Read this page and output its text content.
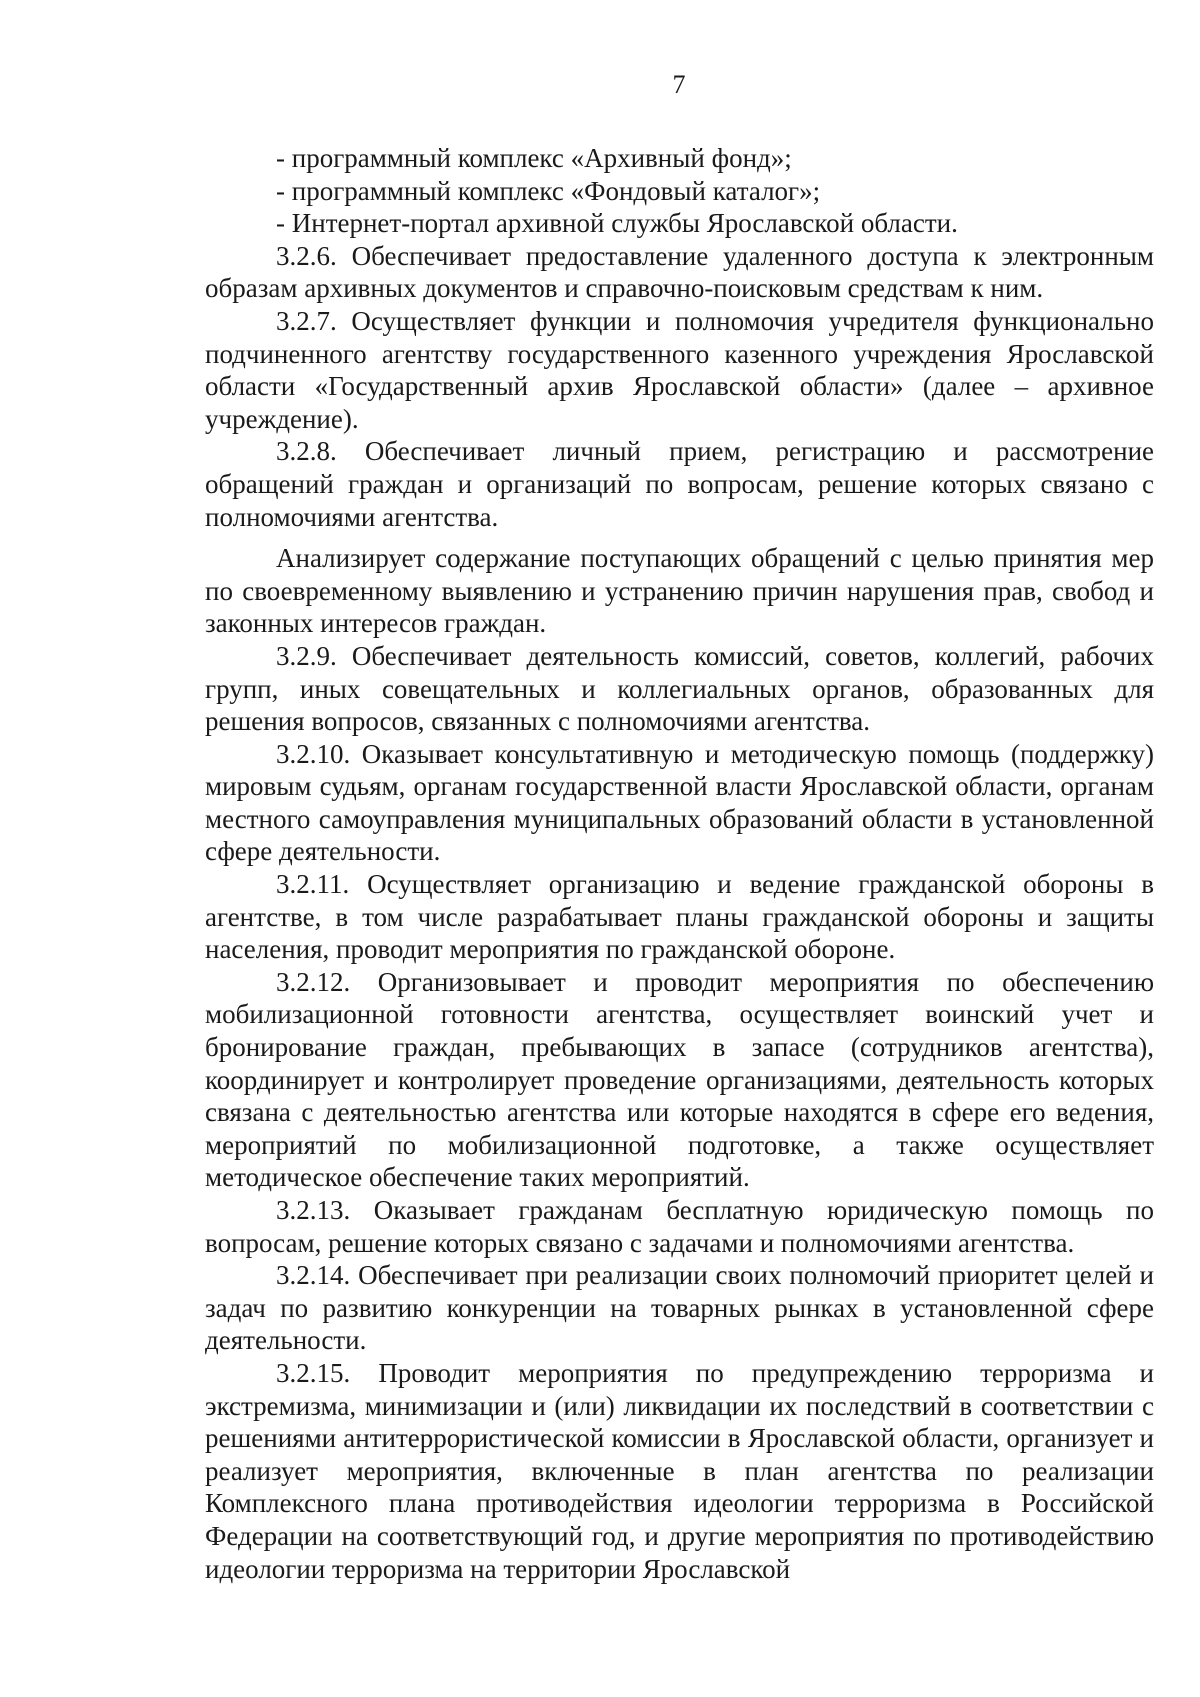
7

- программный комплекс «Архивный фонд»;

- программный комплекс «Фондовый каталог»;

- Интернет-портал архивной службы Ярославской области.

3.2.6. Обеспечивает предоставление удаленного доступа к электронным образам архивных документов и справочно-поисковым средствам к ним.

3.2.7. Осуществляет функции и полномочия учредителя функционально подчиненного агентству государственного казенного учреждения Ярославской области «Государственный архив Ярославской области» (далее – архивное учреждение).

3.2.8. Обеспечивает личный прием, регистрацию и рассмотрение обращений граждан и организаций по вопросам, решение которых связано с полномочиями агентства.

Анализирует содержание поступающих обращений с целью принятия мер по своевременному выявлению и устранению причин нарушения прав, свобод и законных интересов граждан.

3.2.9. Обеспечивает деятельность комиссий, советов, коллегий, рабочих групп, иных совещательных и коллегиальных органов, образованных для решения вопросов, связанных с полномочиями агентства.

3.2.10. Оказывает консультативную и методическую помощь (поддержку) мировым судьям, органам государственной власти Ярославской области, органам местного самоуправления муниципальных образований области в установленной сфере деятельности.

3.2.11. Осуществляет организацию и ведение гражданской обороны в агентстве, в том числе разрабатывает планы гражданской обороны и защиты населения, проводит мероприятия по гражданской обороне.

3.2.12. Организовывает и проводит мероприятия по обеспечению мобилизационной готовности агентства, осуществляет воинский учет и бронирование граждан, пребывающих в запасе (сотрудников агентства), координирует и контролирует проведение организациями, деятельность которых связана с деятельностью агентства или которые находятся в сфере его ведения, мероприятий по мобилизационной подготовке, а также осуществляет методическое обеспечение таких мероприятий.

3.2.13. Оказывает гражданам бесплатную юридическую помощь по вопросам, решение которых связано с задачами и полномочиями агентства.

3.2.14. Обеспечивает при реализации своих полномочий приоритет целей и задач по развитию конкуренции на товарных рынках в установленной сфере деятельности.

3.2.15. Проводит мероприятия по предупреждению терроризма и экстремизма, минимизации и (или) ликвидации их последствий в соответствии с решениями антитеррористической комиссии в Ярославской области, организует и реализует мероприятия, включенные в план агентства по реализации Комплексного плана противодействия идеологии терроризма в Российской Федерации на соответствующий год, и другие мероприятия по противодействию идеологии терроризма на территории Ярославской
